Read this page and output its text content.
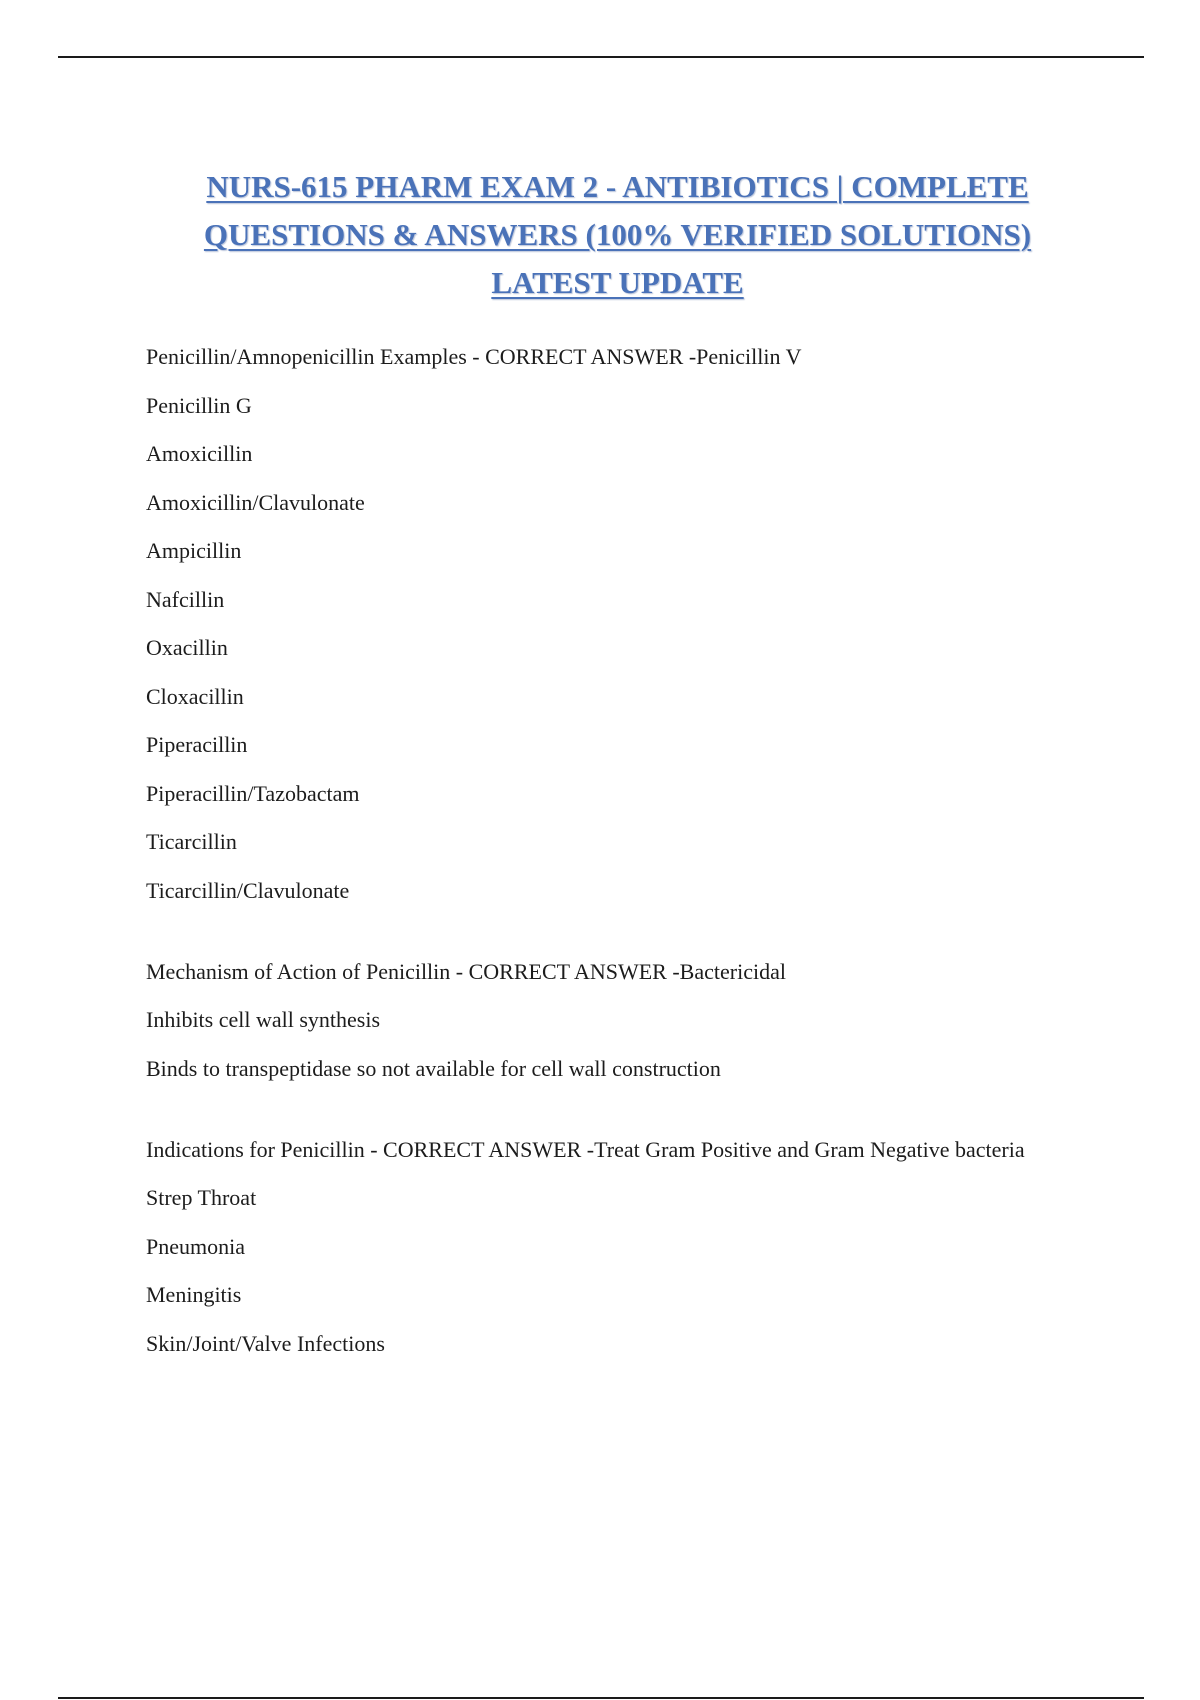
NURS-615 PHARM EXAM 2 - ANTIBIOTICS | COMPLETE
QUESTIONS & ANSWERS (100% VERIFIED SOLUTIONS)
LATEST UPDATE

Penicillin/Amnopenicillin Examples - CORRECT ANSWER -Penicillin V

Penicillin G

Amoxicillin

Amoxicillin/Clavulonate

Ampicillin

Nafcillin

Oxacillin

Cloxacillin

Piperacillin

Piperacillin/Tazobactam

Ticarcillin

Ticarcillin/Clavulonate

Mechanism of Action of Penicillin - CORRECT ANSWER -Bactericidal

Inhibits cell wall synthesis

Binds to transpeptidase so not available for cell wall construction

Indications for Penicillin - CORRECT ANSWER -Treat Gram Positive and Gram Negative bacteria

Strep Throat

Pneumonia

Meningitis

Skin/Joint/Valve Infections
